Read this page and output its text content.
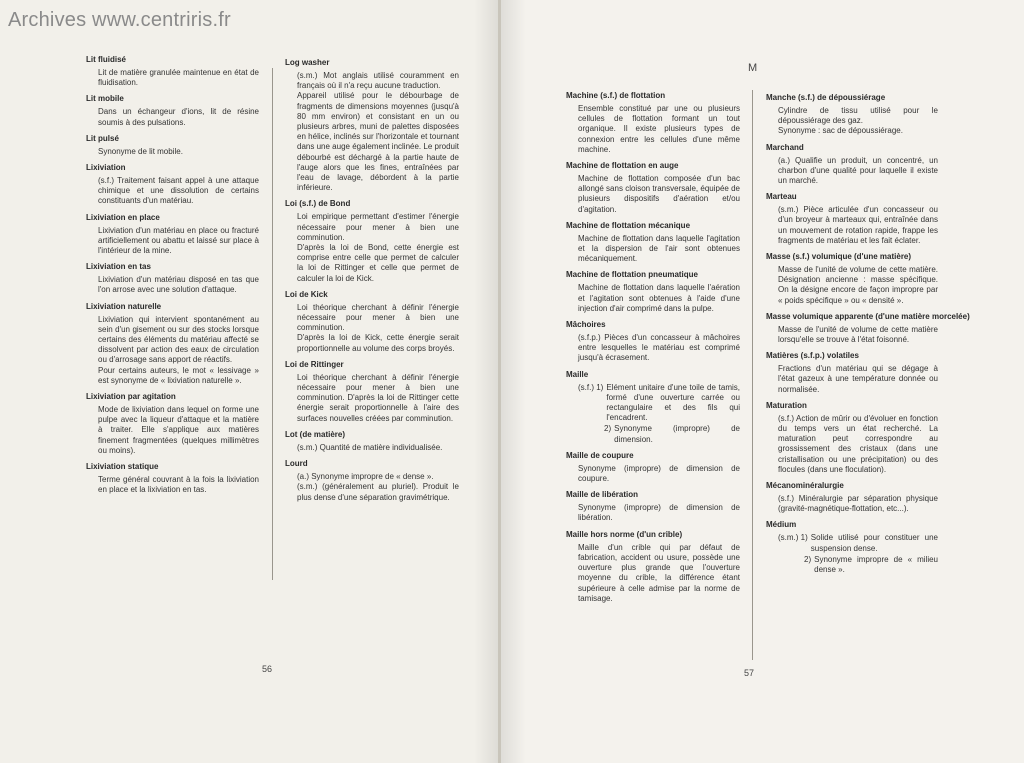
Archives www.centriris.fr
Lit fluidisé

Lit de matière granulée maintenue en état de fluidisation.

Lit mobile

Dans un échangeur d'ions, lit de résine soumis à des pulsations.

Lit pulsé

Synonyme de lit mobile.

Lixiviation

(s.f.) Traitement faisant appel à une attaque chimique et une dissolution de certains constituants d'un matériau.

Lixiviation en place

Lixiviation d'un matériau en place ou fracturé artificiellement ou abattu et laissé sur place à l'intérieur de la mine.

Lixiviation en tas

Lixiviation d'un matériau disposé en tas que l'on arrose avec une solution d'attaque.

Lixiviation naturelle

Lixiviation qui intervient spontanément au sein d'un gisement ou sur des stocks lorsque certains des éléments du matériau affecté se dissolvent par action des eaux de circulation ou d'arrosage sans apport de réactifs.

Pour certains auteurs, le mot « lessivage » est synonyme de « lixiviation naturelle ».

Lixiviation par agitation

Mode de lixiviation dans lequel on forme une pulpe avec la liqueur d'attaque et la matière à traiter. Elle s'applique aux matières finement fragmentées (quelques millimètres ou moins).

Lixiviation statique

Terme général couvrant à la fois la lixiviation en place et la lixiviation en tas.

Log washer

(s.m.) Mot anglais utilisé couramment en français où il n'a reçu aucune traduction.

Appareil utilisé pour le débourbage de fragments de dimensions moyennes (jusqu'à 80 mm environ) et consistant en un ou plusieurs arbres, muni de palettes disposées en hélice, inclinés sur l'horizontale et tournant dans une auge également inclinée. Le produit débourbé est déchargé à la partie haute de l'auge alors que les fines, entraînées par l'eau de lavage, débordent à la partie inférieure.

Loi (s.f.) de Bond

Loi empirique permettant d'estimer l'énergie nécessaire pour mener à bien une comminution.

D'après la loi de Bond, cette énergie est comprise entre celle que permet de calculer la loi de Rittinger et celle que permet de calculer la loi de Kick.

Loi de Kick

Loi théorique cherchant à définir l'énergie nécessaire pour mener à bien une comminution.

D'après la loi de Kick, cette énergie serait proportionnelle au volume des corps broyés.

Loi de Rittinger

Loi théorique cherchant à définir l'énergie nécessaire pour mener à bien une comminution. D'après la loi de Rittinger cette énergie serait proportionnelle à l'aire des surfaces nouvelles créées par comminution.

Lot (de matière)

(s.m.) Quantité de matière individualisée.

Lourd

(a.) Synonyme impropre de « dense ».

(s.m.) (généralement au pluriel). Produit le plus dense d'une séparation gravimétrique.

Machine (s.f.) de flottation

Ensemble constitué par une ou plusieurs cellules de flottation formant un tout organique. Il existe plusieurs types de connexion entre les cellules d'une même machine.

Machine de flottation en auge

Machine de flottation composée d'un bac allongé sans cloison transversale, équipée de plusieurs dispositifs d'aération et/ou d'agitation.

Machine de flottation mécanique

Machine de flottation dans laquelle l'agitation et la dispersion de l'air sont obtenues mécaniquement.

Machine de flottation pneumatique

Machine de flottation dans laquelle l'aération et l'agitation sont obtenues à l'aide d'une injection d'air comprimé dans la pulpe.

Mâchoires

(s.f.p.) Pièces d'un concasseur à mâchoires entre lesquelles le matériau est comprimé jusqu'à écrasement.

Maille
(s.f.) 1) Elément unitaire d'une toile de tamis, formé d'une ouverture carrée ou rectangulaire et des fils qui l'encadrent.
2) Synonyme (impropre) de dimension.
Maille de coupure

Synonyme (impropre) de dimension de coupure.

Maille de libération

Synonyme (impropre) de dimension de libération.

Maille hors norme (d'un crible)

Maille d'un crible qui par défaut de fabrication, accident ou usure, possède une ouverture plus grande que l'ouverture moyenne du crible, la différence étant supérieure à celle admise par la norme de tamisage.

Manche (s.f.) de dépoussiérage

Cylindre de tissu utilisé pour le dépoussiérage des gaz.

Synonyme : sac de dépoussiérage.

Marchand

(a.) Qualifie un produit, un concentré, un charbon d'une qualité pour laquelle il existe un marché.

Marteau

(s.m.) Pièce articulée d'un concasseur ou d'un broyeur à marteaux qui, entraînée dans un mouvement de rotation rapide, frappe les fragments de matériau et les fait éclater.

Masse (s.f.) volumique (d'une matière)

Masse de l'unité de volume de cette matière. Désignation ancienne : masse spécifique. On la désigne encore de façon impropre par « poids spécifique » ou « densité ».

Masse volumique apparente (d'une matière morcelée)

Masse de l'unité de volume de cette matière lorsqu'elle se trouve à l'état foisonné.

Matières (s.f.p.) volatiles

Fractions d'un matériau qui se dégage à l'état gazeux à une température donnée ou normalisée.

Maturation

(s.f.) Action de mûrir ou d'évoluer en fonction du temps vers un état recherché. La maturation peut correspondre au grossissement des cristaux (dans une cristallisation ou une précipitation) ou des flocules (dans une floculation).

Mécanominéralurgie

(s.f.) Minéralurgie par séparation physique (gravité-magnétique-flottation, etc...).

Médium
(s.m.) 1) Solide utilisé pour constituer une suspension dense.
2) Synonyme impropre de « milieu dense ».
M
56	57
